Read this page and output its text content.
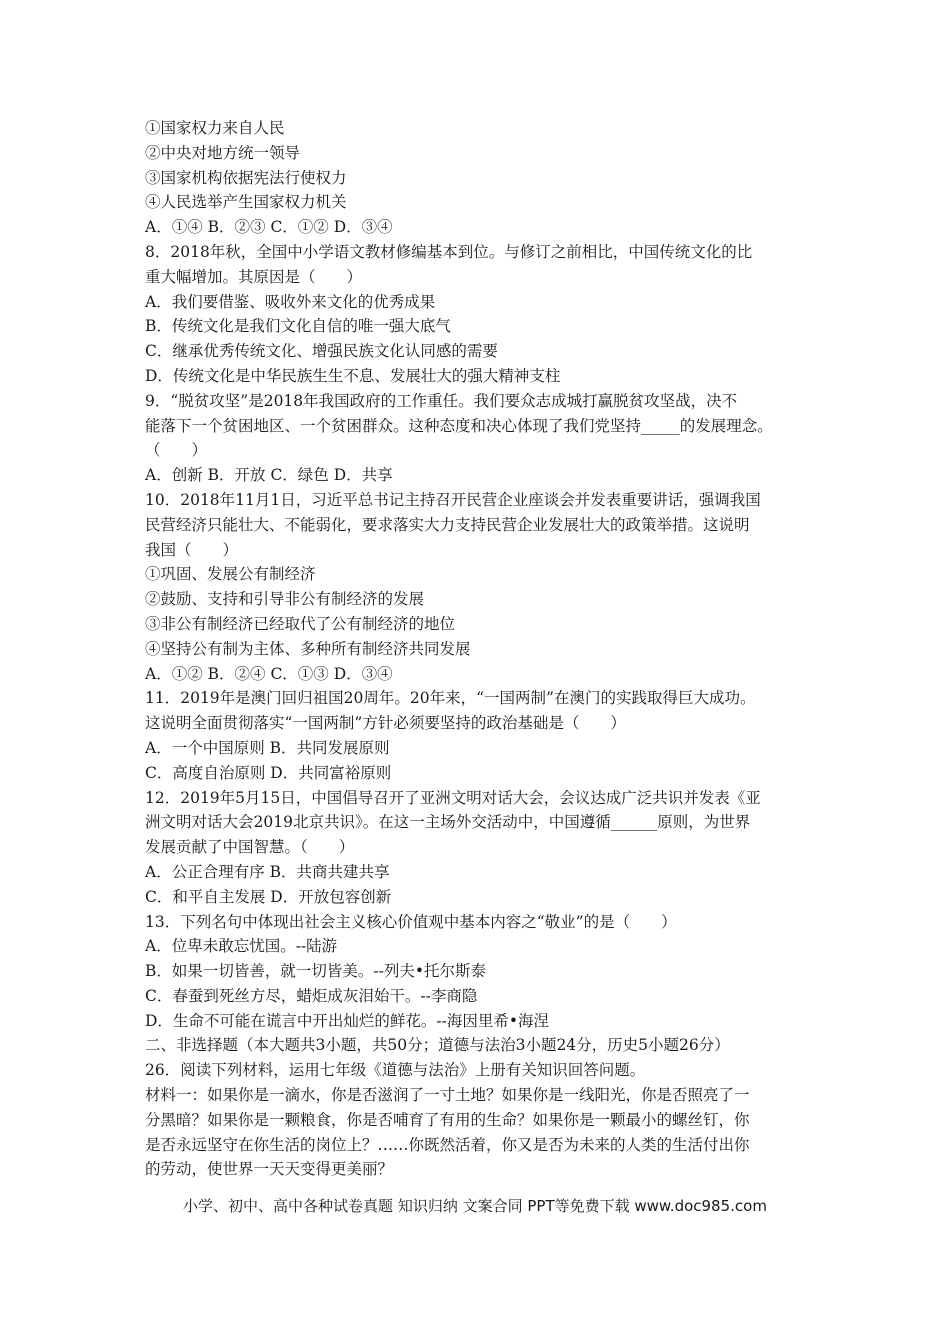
①国家权力来自人民
②中央对地方统一领导
③国家机构依据宪法行使权力
④人民选举产生国家权力机关
A．①④ B．②③ C．①② D．③④
8．2018年秋，全国中小学语文教材修编基本到位。与修订之前相比，中国传统文化的比
重大幅增加。其原因是（　　）
A．我们要借鉴、吸收外来文化的优秀成果
B．传统文化是我们文化自信的唯一强大底气
C．继承优秀传统文化、增强民族文化认同感的需要
D．传统文化是中华民族生生不息、发展壮大的强大精神支柱
9．“脱贫攻坚”是2018年我国政府的工作重任。我们要众志成城打赢脱贫攻坚战，决不
能落下一个贫困地区、一个贫困群众。这种态度和决心体现了我们党坚持_____的发展理念。
（　　）
A．创新 B．开放 C．绿色 D．共享
10．2018年11月1日，习近平总书记主持召开民营企业座谈会并发表重要讲话，强调我国
民营经济只能壮大、不能弱化，要求落实大力支持民营企业发展壮大的政策举措。这说明
我国（　　）
①巩固、发展公有制经济
②鼓励、支持和引导非公有制经济的发展
③非公有制经济已经取代了公有制经济的地位
④坚持公有制为主体、多种所有制经济共同发展
A．①② B．②④ C．①③ D．③④
11．2019年是澳门回归祖国20周年。20年来，“一国两制”在澳门的实践取得巨大成功。
这说明全面贯彻落实“一国两制”方针必须要坚持的政治基础是（　　）
A．一个中国原则 B．共同发展原则
C．高度自治原则 D．共同富裕原则
12．2019年5月15日，中国倡导召开了亚洲文明对话大会，会议达成广泛共识并发表《亚
洲文明对话大会2019北京共识》。在这一主场外交活动中，中国遵循______原则，为世界
发展贡献了中国智慧。（　　）
A．公正合理有序 B．共商共建共享
C．和平自主发展 D．开放包容创新
13．下列名句中体现出社会主义核心价值观中基本内容之“敬业”的是（　　）
A．位卑未敢忘忧国。--陆游
B．如果一切皆善，就一切皆美。--列夫•托尔斯泰
C．春蚕到死丝方尽，蜡炬成灰泪始干。--李商隐
D．生命不可能在谎言中开出灿烂的鲜花。--海因里希•海涅
二、非选择题（本大题共3小题，共50分；道德与法治3小题24分，历史5小题26分）
26．阅读下列材料，运用七年级《道德与法治》上册有关知识回答问题。
材料一：如果你是一滴水，你是否滋润了一寸土地？如果你是一线阳光，你是否照亮了一
分黑暗？如果你是一颗粮食，你是否哺育了有用的生命？如果你是一颗最小的螺丝钉，你
是否永远坚守在你生活的岗位上？……你既然活着，你又是否为未来的人类的生活付出你
的劳动，使世界一天天变得更美丽？
小学、初中、高中各种试卷真题 知识归纳 文案合同 PPT等免费下载 www.doc985.com
